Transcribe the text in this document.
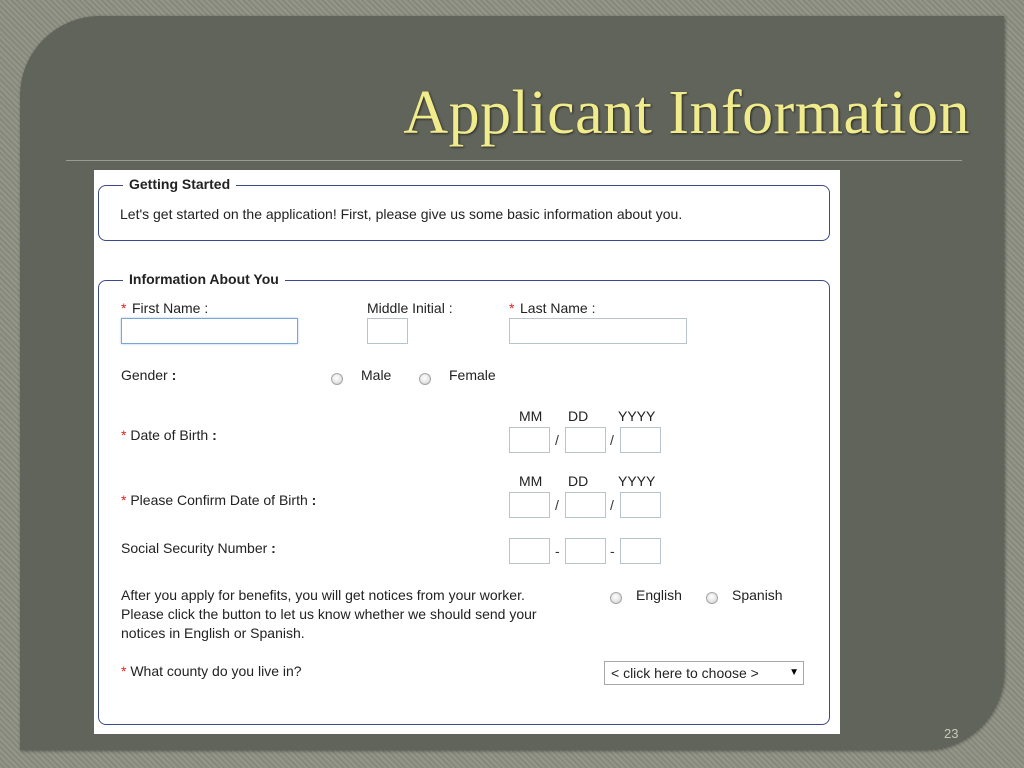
Applicant Information
Getting Started
Let's get started on the application! First, please give us some basic information about you.
Information About You
* First Name :	Middle Initial :	* Last Name :
Gender :	Male	Female
MM DD YYYY
* Date of Birth :	/	/
MM DD YYYY
* Please Confirm Date of Birth :	/	/
Social Security Number :	-	-
After you apply for benefits, you will get notices from your worker.
Please click the button to let us know whether we should send your
notices in English or Spanish.
English	Spanish
* What county do you live in?	< click here to choose >	▼
23
